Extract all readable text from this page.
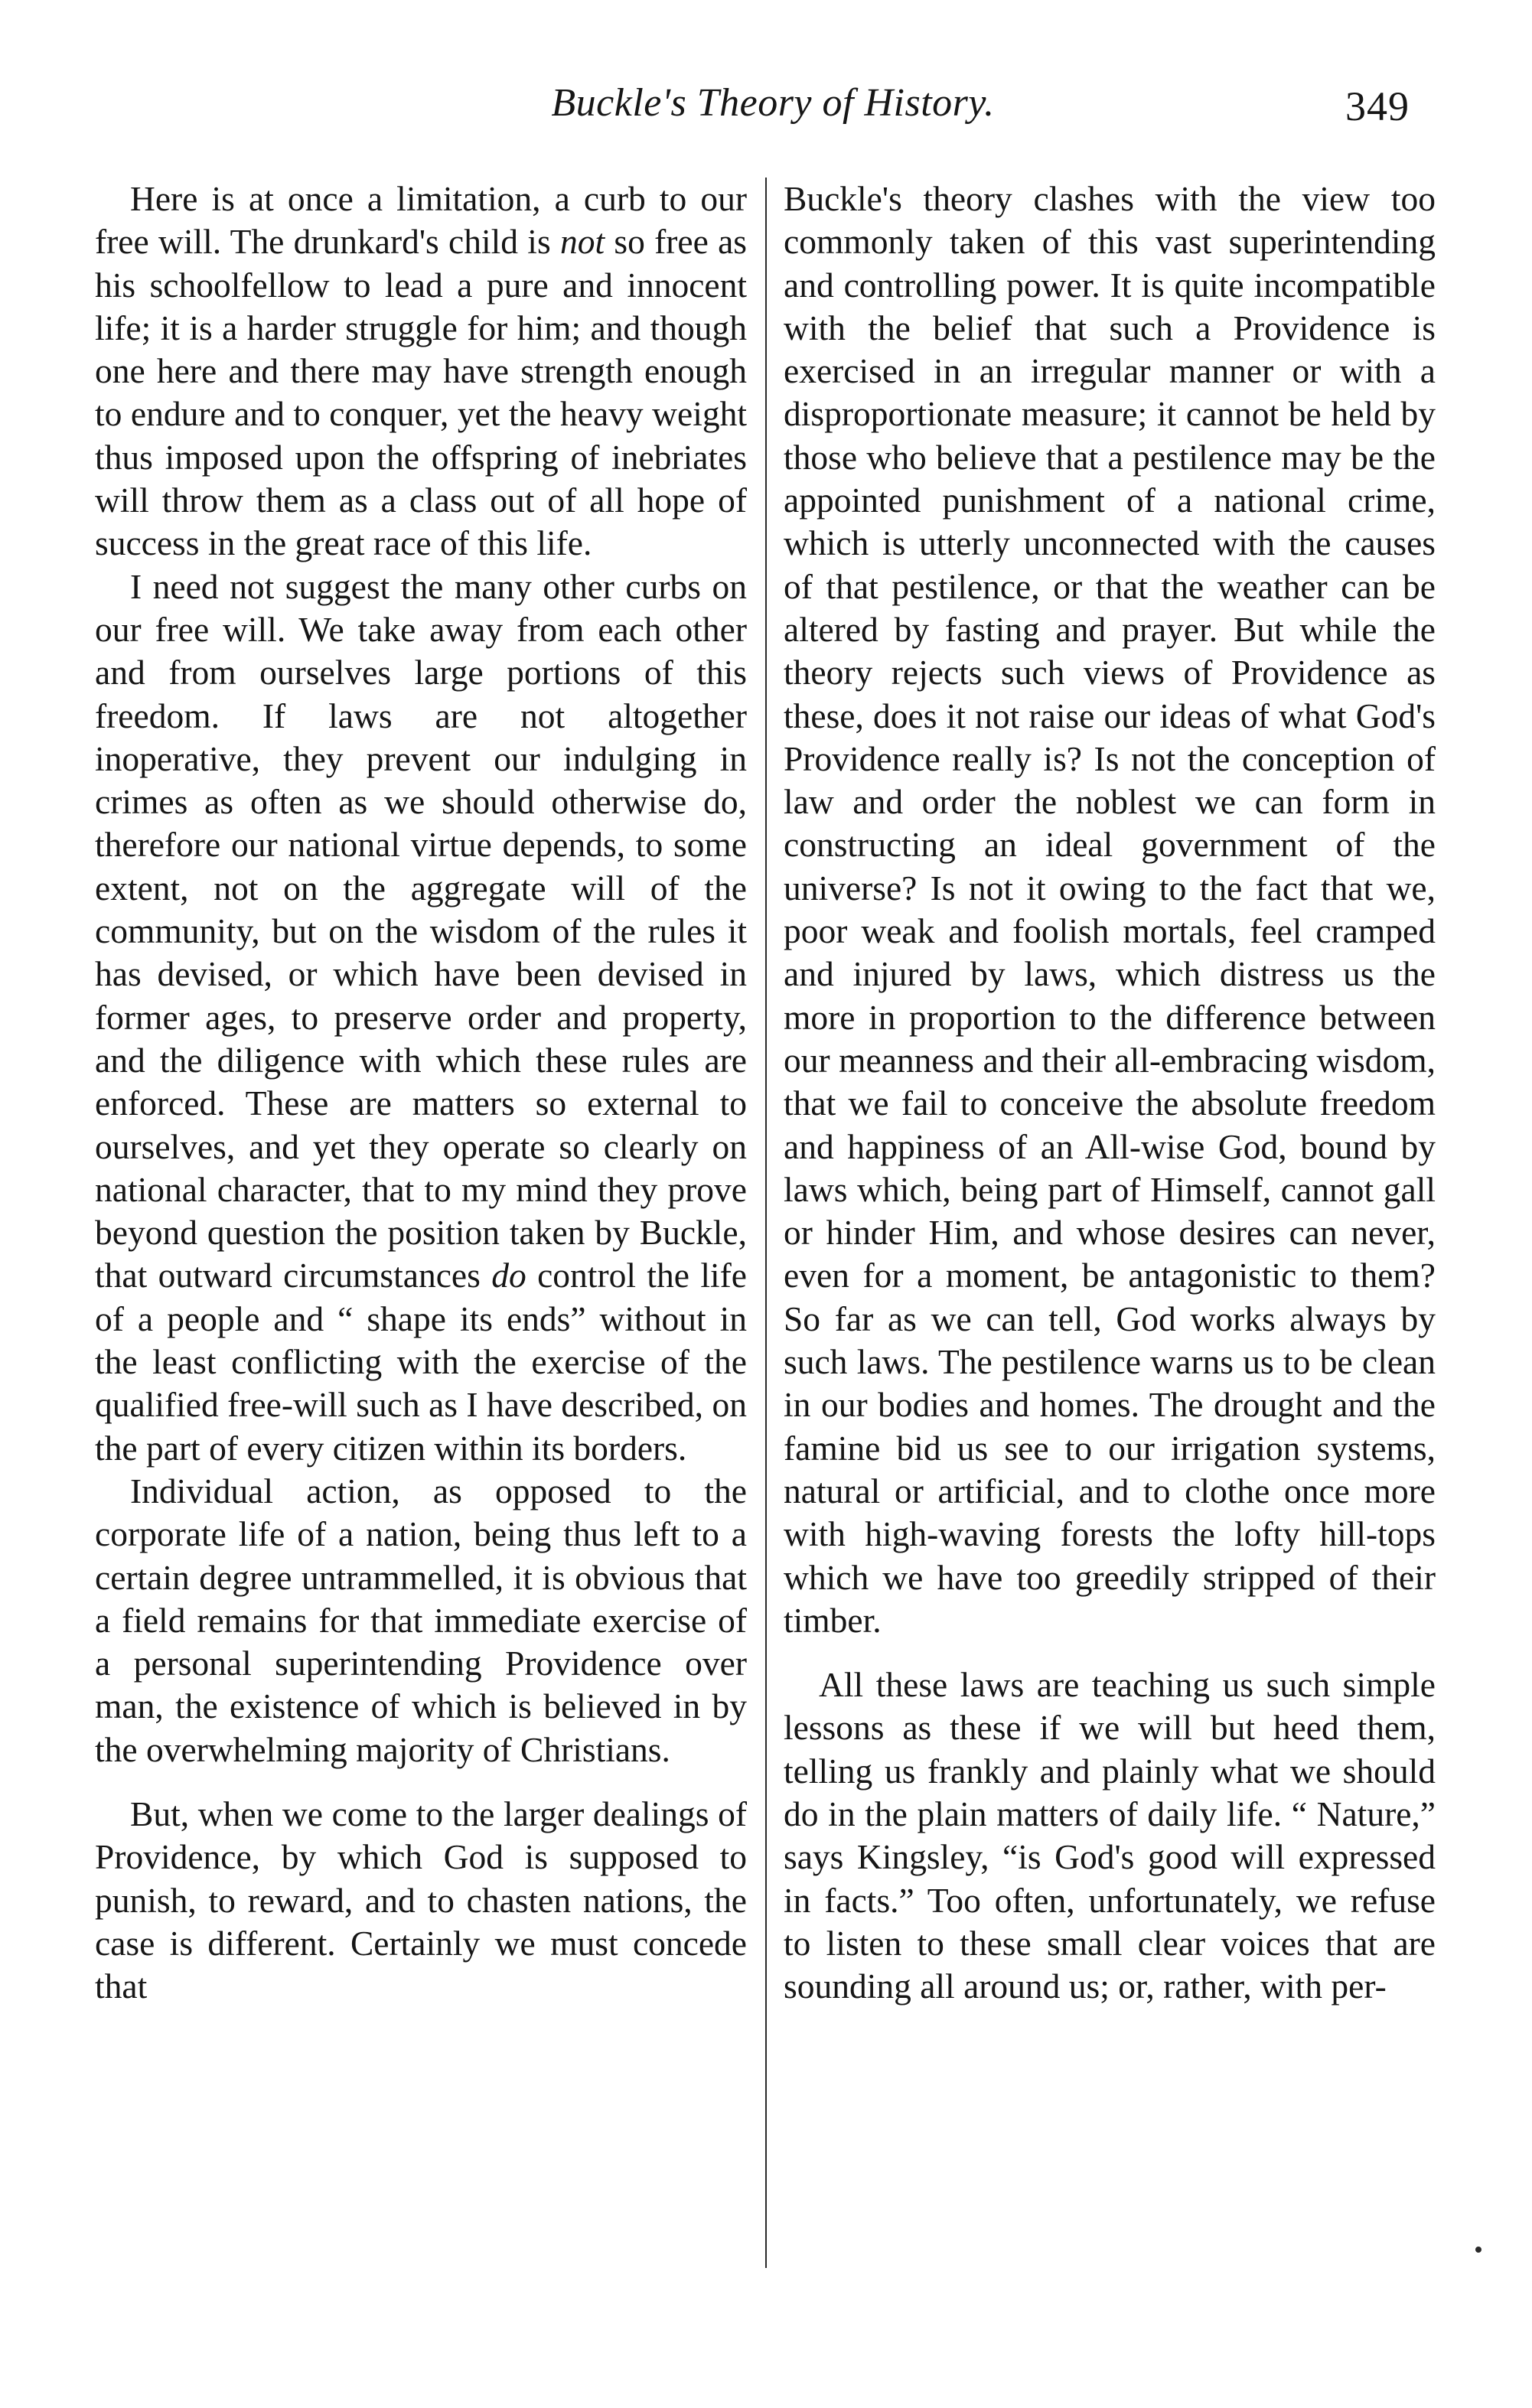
Buckle's Theory of History.	349

Here is at once a limitation, a curb to our free will. The drunkard's child is not so free as his schoolfellow to lead a pure and innocent life; it is a harder struggle for him; and though one here and there may have strength enough to endure and to conquer, yet the heavy weight thus imposed upon the offspring of inebriates will throw them as a class out of all hope of success in the great race of this life.

I need not suggest the many other curbs on our free will. We take away from each other and from ourselves large portions of this freedom. If laws are not altogether inoperative, they prevent our indulging in crimes as often as we should otherwise do, therefore our national virtue depends, to some extent, not on the aggregate will of the community, but on the wisdom of the rules it has devised, or which have been devised in former ages, to preserve order and property, and the diligence with which these rules are enforced. These are matters so external to ourselves, and yet they operate so clearly on national character, that to my mind they prove beyond question the position taken by Buckle, that outward circumstances do control the life of a people and “ shape its ends” without in the least conflicting with the exercise of the qualified free-will such as I have described, on the part of every citizen within its borders.

Individual action, as opposed to the corporate life of a nation, being thus left to a certain degree untrammelled, it is obvious that a field remains for that immediate exercise of a personal superintending Providence over man, the existence of which is believed in by the overwhelming majority of Christians.

But, when we come to the larger dealings of Providence, by which God is supposed to punish, to reward, and to chasten nations, the case is different. Certainly we must concede that

Buckle's theory clashes with the view too commonly taken of this vast superintending and controlling power. It is quite incompatible with the belief that such a Providence is exercised in an irregular manner or with a disproportionate measure; it cannot be held by those who believe that a pestilence may be the appointed punishment of a national crime, which is utterly unconnected with the causes of that pestilence, or that the weather can be altered by fasting and prayer. But while the theory rejects such views of Providence as these, does it not raise our ideas of what God's Providence really is? Is not the conception of law and order the noblest we can form in constructing an ideal government of the universe? Is not it owing to the fact that we, poor weak and foolish mortals, feel cramped and injured by laws, which distress us the more in proportion to the difference between our meanness and their all-embracing wisdom, that we fail to conceive the absolute freedom and happiness of an All-wise God, bound by laws which, being part of Himself, cannot gall or hinder Him, and whose desires can never, even for a moment, be antagonistic to them? So far as we can tell, God works always by such laws. The pestilence warns us to be clean in our bodies and homes. The drought and the famine bid us see to our irrigation systems, natural or artificial, and to clothe once more with high-waving forests the lofty hill-tops which we have too greedily stripped of their timber.

All these laws are teaching us such simple lessons as these if we will but heed them, telling us frankly and plainly what we should do in the plain matters of daily life. “ Nature,” says Kingsley, “is God's good will expressed in facts.” Too often, unfortunately, we refuse to listen to these small clear voices that are sounding all around us; or, rather, with per-
